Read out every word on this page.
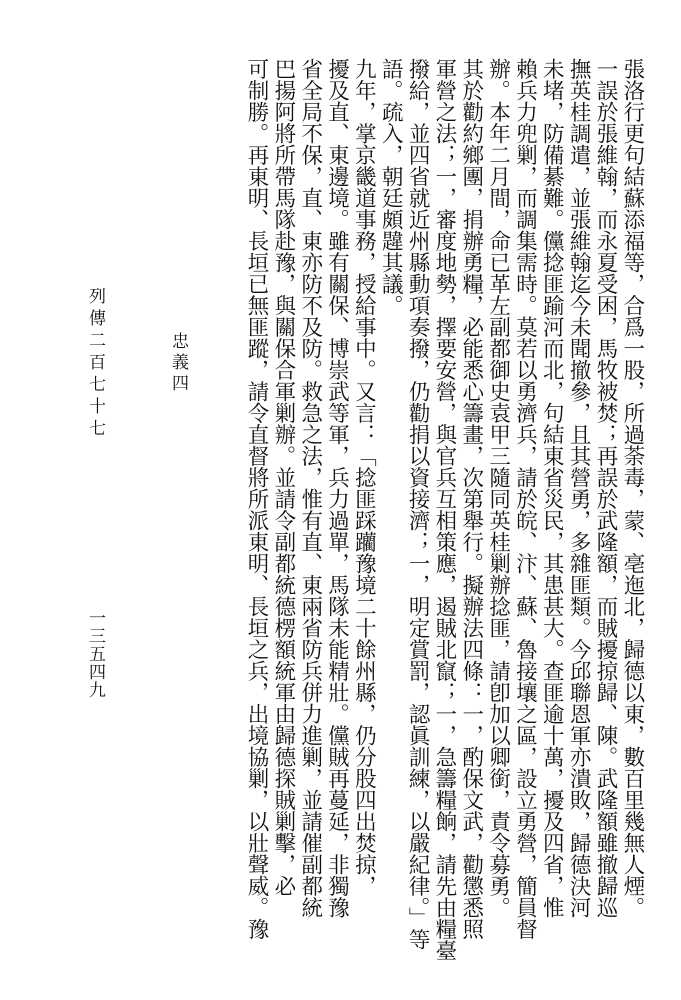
張洛行更句結蘇添福等，合爲一股，所過荼毒，蒙、亳迤北，歸德以東，數百里幾無人煙。
一誤於張維翰，而永夏受困，馬牧被焚；再誤於武隆額，而賊擾掠歸、陳。武隆額雖撤歸巡
撫英桂調遣，並張維翰迄今未聞撤參，且其營勇，多雜匪類。今邱聯恩軍亦潰敗，歸德決河
未堵，防備綦難。儻捻匪踰河而北，句結東省災民，其患甚大。查匪逾十萬，擾及四省，惟
賴兵力兜剿，而調集需時。莫若以勇濟兵，請於皖、汴、蘇、魯接壤之區，設立勇營，簡員督
辦。本年二月間，命已革左副都御史袁甲三隨同英桂剿辦捻匪，請卽加以卿銜，責令募勇。
其於勸約鄉團，捐辦勇糧，必能悉心籌畫，次第舉行。擬辦法四條：一，酌保文武，勸懲悉照
軍營之法；一，審度地勢，擇要安營，與官兵互相策應，遏賊北竄；一，急籌糧餉，請先由糧臺
撥給，並四省就近州縣動項奏撥，仍勸捐以資接濟；一，明定賞罰，認眞訓練，以嚴紀律。」等
語。疏入，朝廷頗韙其議。
九年，掌京畿道事務，授給事中。又言：「捻匪踩躪豫境二十餘州縣，仍分股四出焚掠，
擾及直、東邊境。雖有關保、博崇武等軍，兵力過單，馬隊未能精壯。儻賊再蔓延，非獨豫
省全局不保，直、東亦防不及防。救急之法，惟有直、東兩省防兵併力進剿，並請催副都統
巴揚阿將所帶馬隊赴豫，與關保合軍剿辦。並請令副都統德楞額統軍由歸德探賊剿擊，必
可制勝。再東明、長垣已無匪蹤，請令直督將所派東明、長垣之兵，出境協剿，以壯聲威。豫
列傳二百七十七	忠義四
一三五四九
